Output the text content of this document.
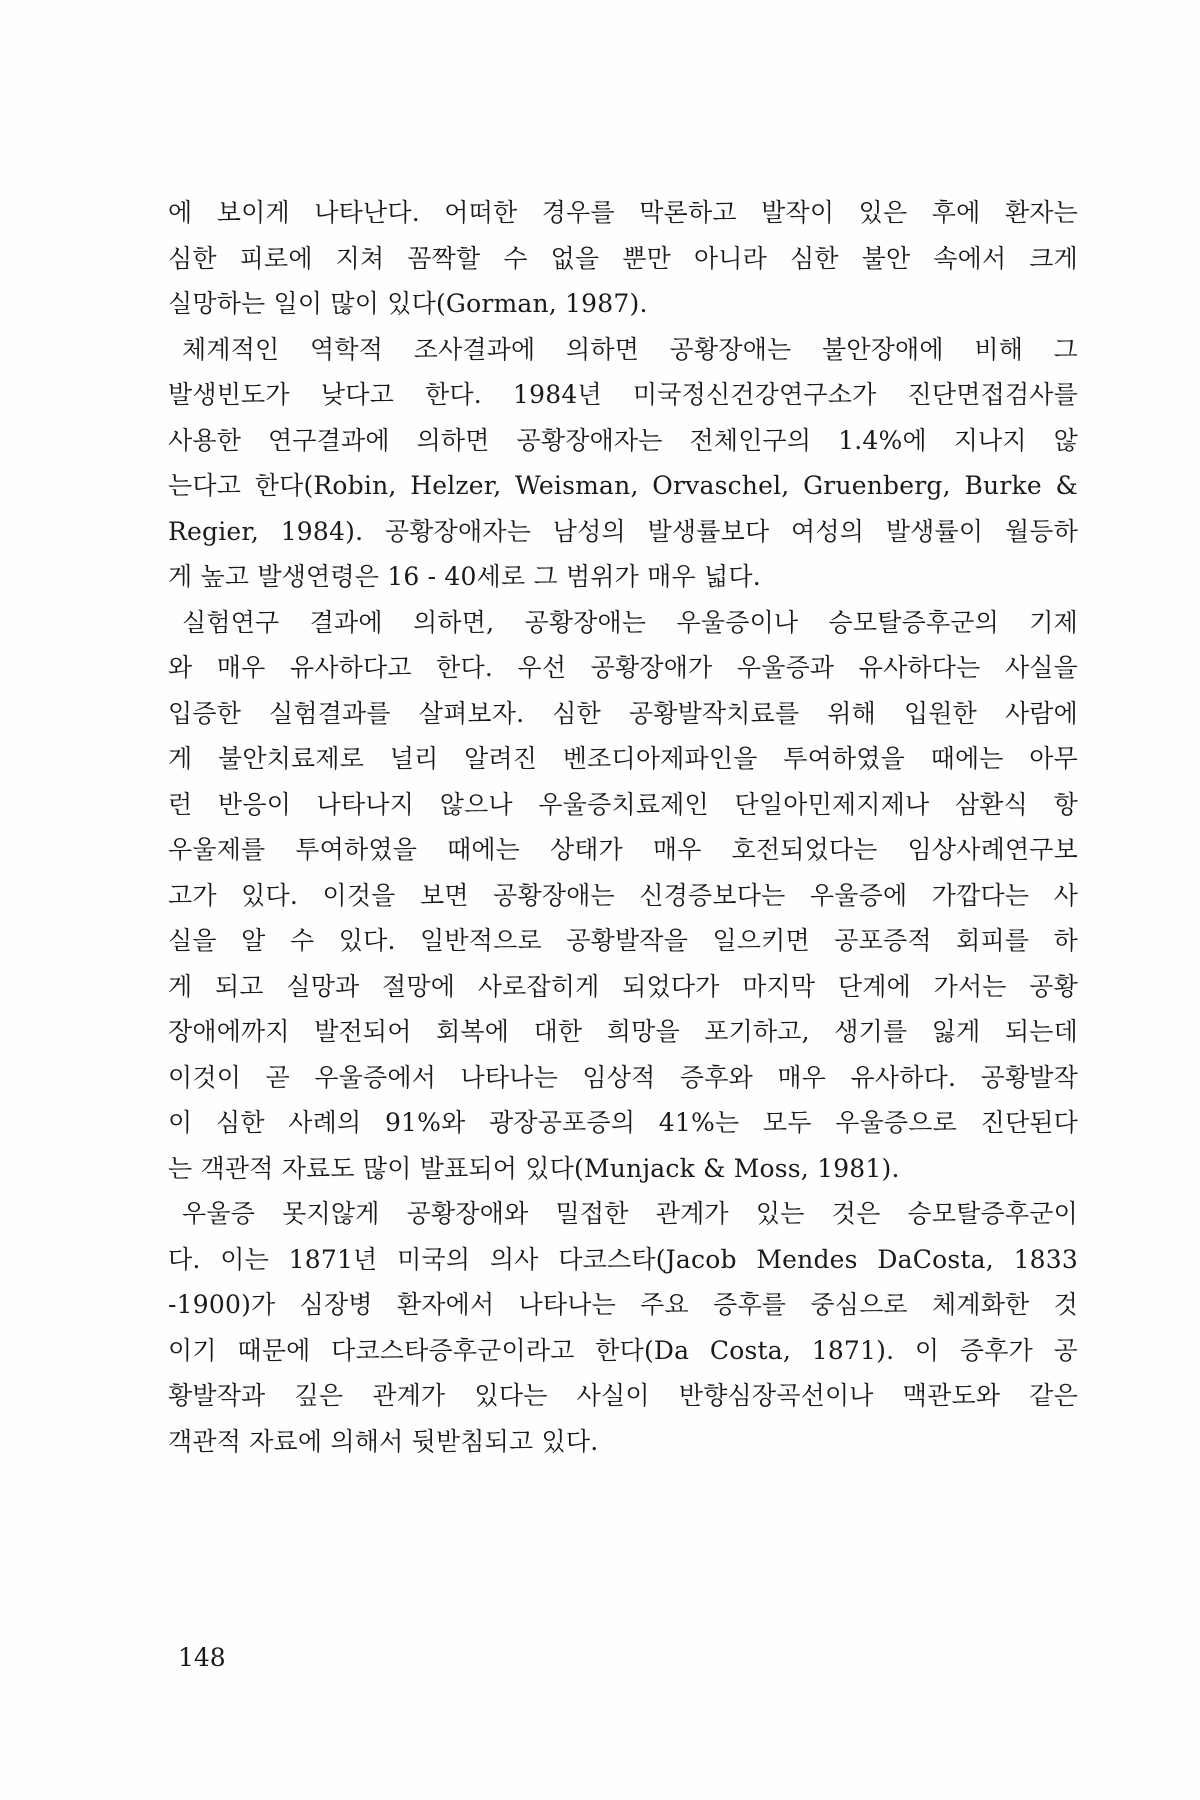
에 보이게 나타난다. 어떠한 경우를 막론하고 발작이 있은 후에 환자는
심한 피로에 지쳐 꼼짝할 수 없을 뿐만 아니라 심한 불안 속에서 크게
실망하는 일이 많이 있다(Gorman, 1987).
체계적인 역학적 조사결과에 의하면 공황장애는 불안장애에 비해 그
발생빈도가 낮다고 한다. 1984년 미국정신건강연구소가 진단면접검사를
사용한 연구결과에 의하면 공황장애자는 전체인구의 1.4%에 지나지 않
는다고 한다(Robin, Helzer, Weisman, Orvaschel, Gruenberg, Burke &
Regier, 1984). 공황장애자는 남성의 발생률보다 여성의 발생률이 월등하
게 높고 발생연령은 16 - 40세로 그 범위가 매우 넓다.
실험연구 결과에 의하면, 공황장애는 우울증이나 승모탈증후군의 기제
와 매우 유사하다고 한다. 우선 공황장애가 우울증과 유사하다는 사실을
입증한 실험결과를 살펴보자. 심한 공황발작치료를 위해 입원한 사람에
게 불안치료제로 널리 알려진 벤조디아제파인을 투여하였을 때에는 아무
런 반응이 나타나지 않으나 우울증치료제인 단일아민제지제나 삼환식 항
우울제를 투여하였을 때에는 상태가 매우 호전되었다는 임상사례연구보
고가 있다. 이것을 보면 공황장애는 신경증보다는 우울증에 가깝다는 사
실을 알 수 있다. 일반적으로 공황발작을 일으키면 공포증적 회피를 하
게 되고 실망과 절망에 사로잡히게 되었다가 마지막 단계에 가서는 공황
장애에까지 발전되어 회복에 대한 희망을 포기하고, 생기를 잃게 되는데
이것이 곧 우울증에서 나타나는 임상적 증후와 매우 유사하다. 공황발작
이 심한 사례의 91%와 광장공포증의 41%는 모두 우울증으로 진단된다
는 객관적 자료도 많이 발표되어 있다(Munjack & Moss, 1981).
우울증 못지않게 공황장애와 밀접한 관계가 있는 것은 승모탈증후군이
다. 이는 1871년 미국의 의사 다코스타(Jacob Mendes DaCosta, 1833
-1900)가 심장병 환자에서 나타나는 주요 증후를 중심으로 체계화한 것
이기 때문에 다코스타증후군이라고 한다(Da Costa, 1871). 이 증후가 공
황발작과 깊은 관계가 있다는 사실이 반향심장곡선이나 맥관도와 같은
객관적 자료에 의해서 뒷받침되고 있다.
148
